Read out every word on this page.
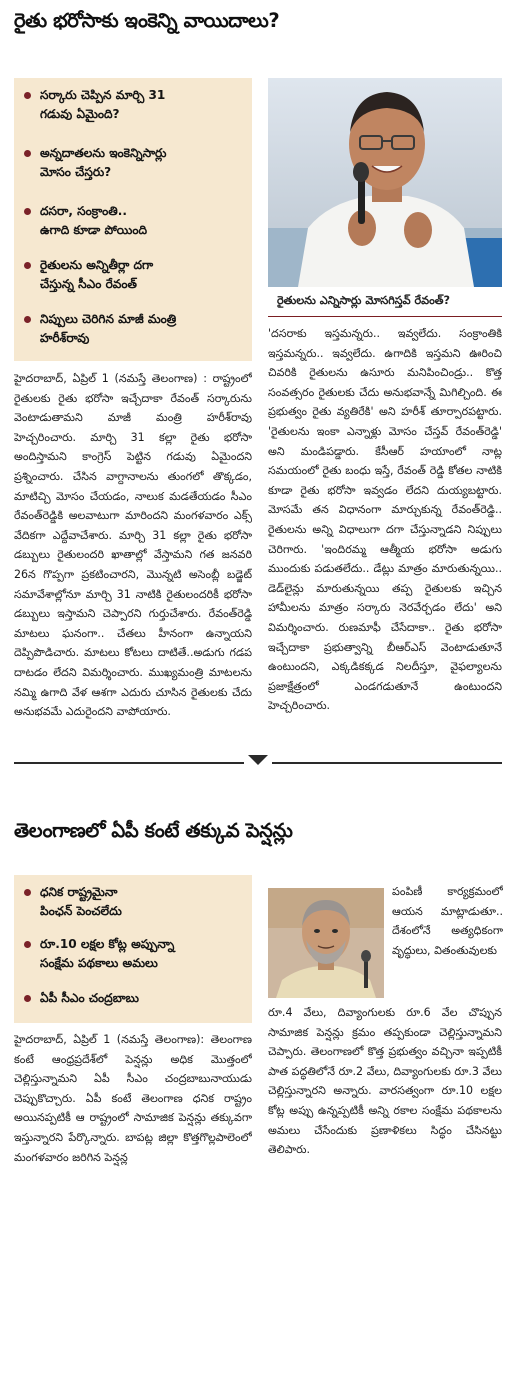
రైతు భరోసాకు ఇంకెన్ని వాయిదాలు?
సర్కారు చెప్పిన మార్చి 31
గడువు ఏమైంది?
అన్నదాతలను ఇంకెన్నిసార్లు
మోసం చేస్తరు?
దసరా, సంక్రాంతి..
ఉగాది కూడా పోయింది
రైతులను అన్నితీర్లా దగా
చేస్తున్న సీఎం రేవంత్
నిప్పులు చెరిగిన మాజీ మంత్రి
హరీశ్‌రావు
రైతులను ఎన్నిసార్లు మోసగిస్తవ్ రేవంత్?

హైదరాబాద్, ఏప్రిల్ 1 (నమస్తే తెలంగాణ) : రాష్ట్రంలో రైతులకు రైతు భరోసా ఇచ్చేదాకా రేవంత్ సర్కారును వెంటాడుతామని మాజీ మంత్రి హరీశ్‌రావు హెచ్చరించారు. మార్చి 31 కల్లా రైతు భరోసా అందిస్తామని కాంగ్రెస్ పెట్టిన గడువు ఏమైందని ప్రశ్నించారు. చేసిన వాగ్దానాలను తుంగలో తొక్కడం, మాటిచ్చి మోసం చేయడం, నాలుక మడతేయడం సీఎం రేవంత్‌రెడ్డికి అలవాటుగా మారిందని మంగళవారం ఎక్స్ వేదికగా ఎద్దేవాచేశారు. మార్చి 31 కల్లా రైతు భరోసా డబ్బులు రైతులందరి ఖాతాల్లో వేస్తామని గత జనవరి 26న గొప్పగా ప్రకటించారని, మొన్నటి అసెంబ్లీ బడ్జెట్ సమావేశాల్లోనూ మార్చి 31 నాటికి రైతులందరికీ భరోసా డబ్బులు ఇస్తామని చెప్పారని గుర్తుచేశారు. రేవంత్‌రెడ్డి మాటలు ఘనంగా.. చేతలు హీనంగా ఉన్నాయని దెప్పిపొడిచారు. మాటలు కోటలు దాటితే..అడుగు గడప దాటడం లేదని విమర్శించారు. ముఖ్యమంత్రి మాటలను నమ్మి ఉగాది వేళ ఆశగా ఎదురు చూసిన రైతులకు చేదు అనుభవమే ఎదురైందని వాపోయారు.

'దసరాకు ఇస్తమన్నరు.. ఇవ్వలేదు. సంక్రాంతికి ఇస్తమన్నరు.. ఇవ్వలేదు. ఉగాదికి ఇస్తమని ఊరించి చివరికి రైతులను ఉసూరు మనిపించిండ్రు.. కొత్త సంవత్సరం రైతులకు చేదు అనుభవాన్నే మిగిల్చింది. ఈ ప్రభుత్వం రైతు వ్యతిరేకి' అని హరీశ్ తూర్పారపట్టారు. 'రైతులను ఇంకా ఎన్నాళ్లు మోసం చేస్తవ్ రేవంత్‌రెడ్డి' అని మండిపడ్డారు. కేసీఆర్ హయాంలో నాట్ల సమయంలో రైతు బంధు ఇస్తే, రేవంత్ రెడ్డి కోతల నాటికి కూడా రైతు భరోసా ఇవ్వడం లేదని దుయ్యబట్టారు. మోసమే తన విధానంగా మార్చుకున్న రేవంత్‌రెడ్డి.. రైతులను అన్ని విధాలుగా దగా చేస్తున్నాడని నిప్పులు చెరిగారు. 'ఇందిరమ్మ ఆత్మీయ భరోసా అడుగు ముందుకు పడుతలేదు.. డేట్లు మాత్రం మారుతున్నయి.. డెడ్‌లైన్లు మారుతున్నయి తప్ప రైతులకు ఇచ్చిన హామీలను మాత్రం సర్కారు నెరవేర్చడం లేదు' అని విమర్శించారు. రుణమాఫీ చేసేదాకా.. రైతు భరోసా ఇచ్చేదాకా ప్రభుత్వాన్ని బీఆర్‌ఎస్ వెంటాడుతూనే ఉంటుందని, ఎక్కడికక్కడ నిలదీస్తూ, వైఫల్యాలను ప్రజాక్షేత్రంలో ఎండగడుతూనే ఉంటుందని హెచ్చరించారు.

తెలంగాణలో ఏపీ కంటే తక్కువ పెన్షన్లు
ధనిక రాష్ట్రమైనా
పింఛన్ పెంచలేదు
రూ.10 లక్షల కోట్ల అప్పున్నా
సంక్షేమ పథకాలు అమలు
ఏపీ సీఎం చంద్రబాబు

పంపిణీ కార్యక్రమంలో ఆయన మాట్లాడుతూ.. దేశంలోనే అత్యధికంగా వృద్ధులు, వితంతువులకు

హైదరాబాద్, ఏప్రిల్ 1 (నమస్తే తెలంగాణ): తెలంగాణ కంటే ఆంధ్రప్రదేశ్‌లో పెన్షన్లు అధిక మొత్తంలో చెల్లిస్తున్నామని ఏపీ సీఎం చంద్రబాబునాయుడు చెప్పుకొచ్చారు. ఏపీ కంటే తెలంగాణ ధనిక రాష్ట్రం అయినప్పటికీ ఆ రాష్ట్రంలో సామాజిక పెన్షన్లు తక్కువగా ఇస్తున్నారని పేర్కొన్నారు. బాపట్ల జిల్లా కొత్తగొల్లపాలెంలో మంగళవారం జరిగిన పెన్షన్ల

రూ.4 వేలు, దివ్యాంగులకు రూ.6 వేల చొప్పున సామాజిక పెన్షన్లు క్రమం తప్పకుండా చెల్లిస్తున్నామని చెప్పారు. తెలంగాణలో కొత్త ప్రభుత్వం వచ్చినా ఇప్పటికీ పాత పద్ధతిలోనే రూ.2 వేలు, దివ్యాంగులకు రూ.3 వేలు చెల్లిస్తున్నారని అన్నారు. వారసత్వంగా రూ.10 లక్షల కోట్ల అప్పు ఉన్నప్పటికీ అన్ని రకాల సంక్షేమ పథకాలను అమలు చేసేందుకు ప్రణాళికలు సిద్ధం చేసినట్టు తెలిపారు.
